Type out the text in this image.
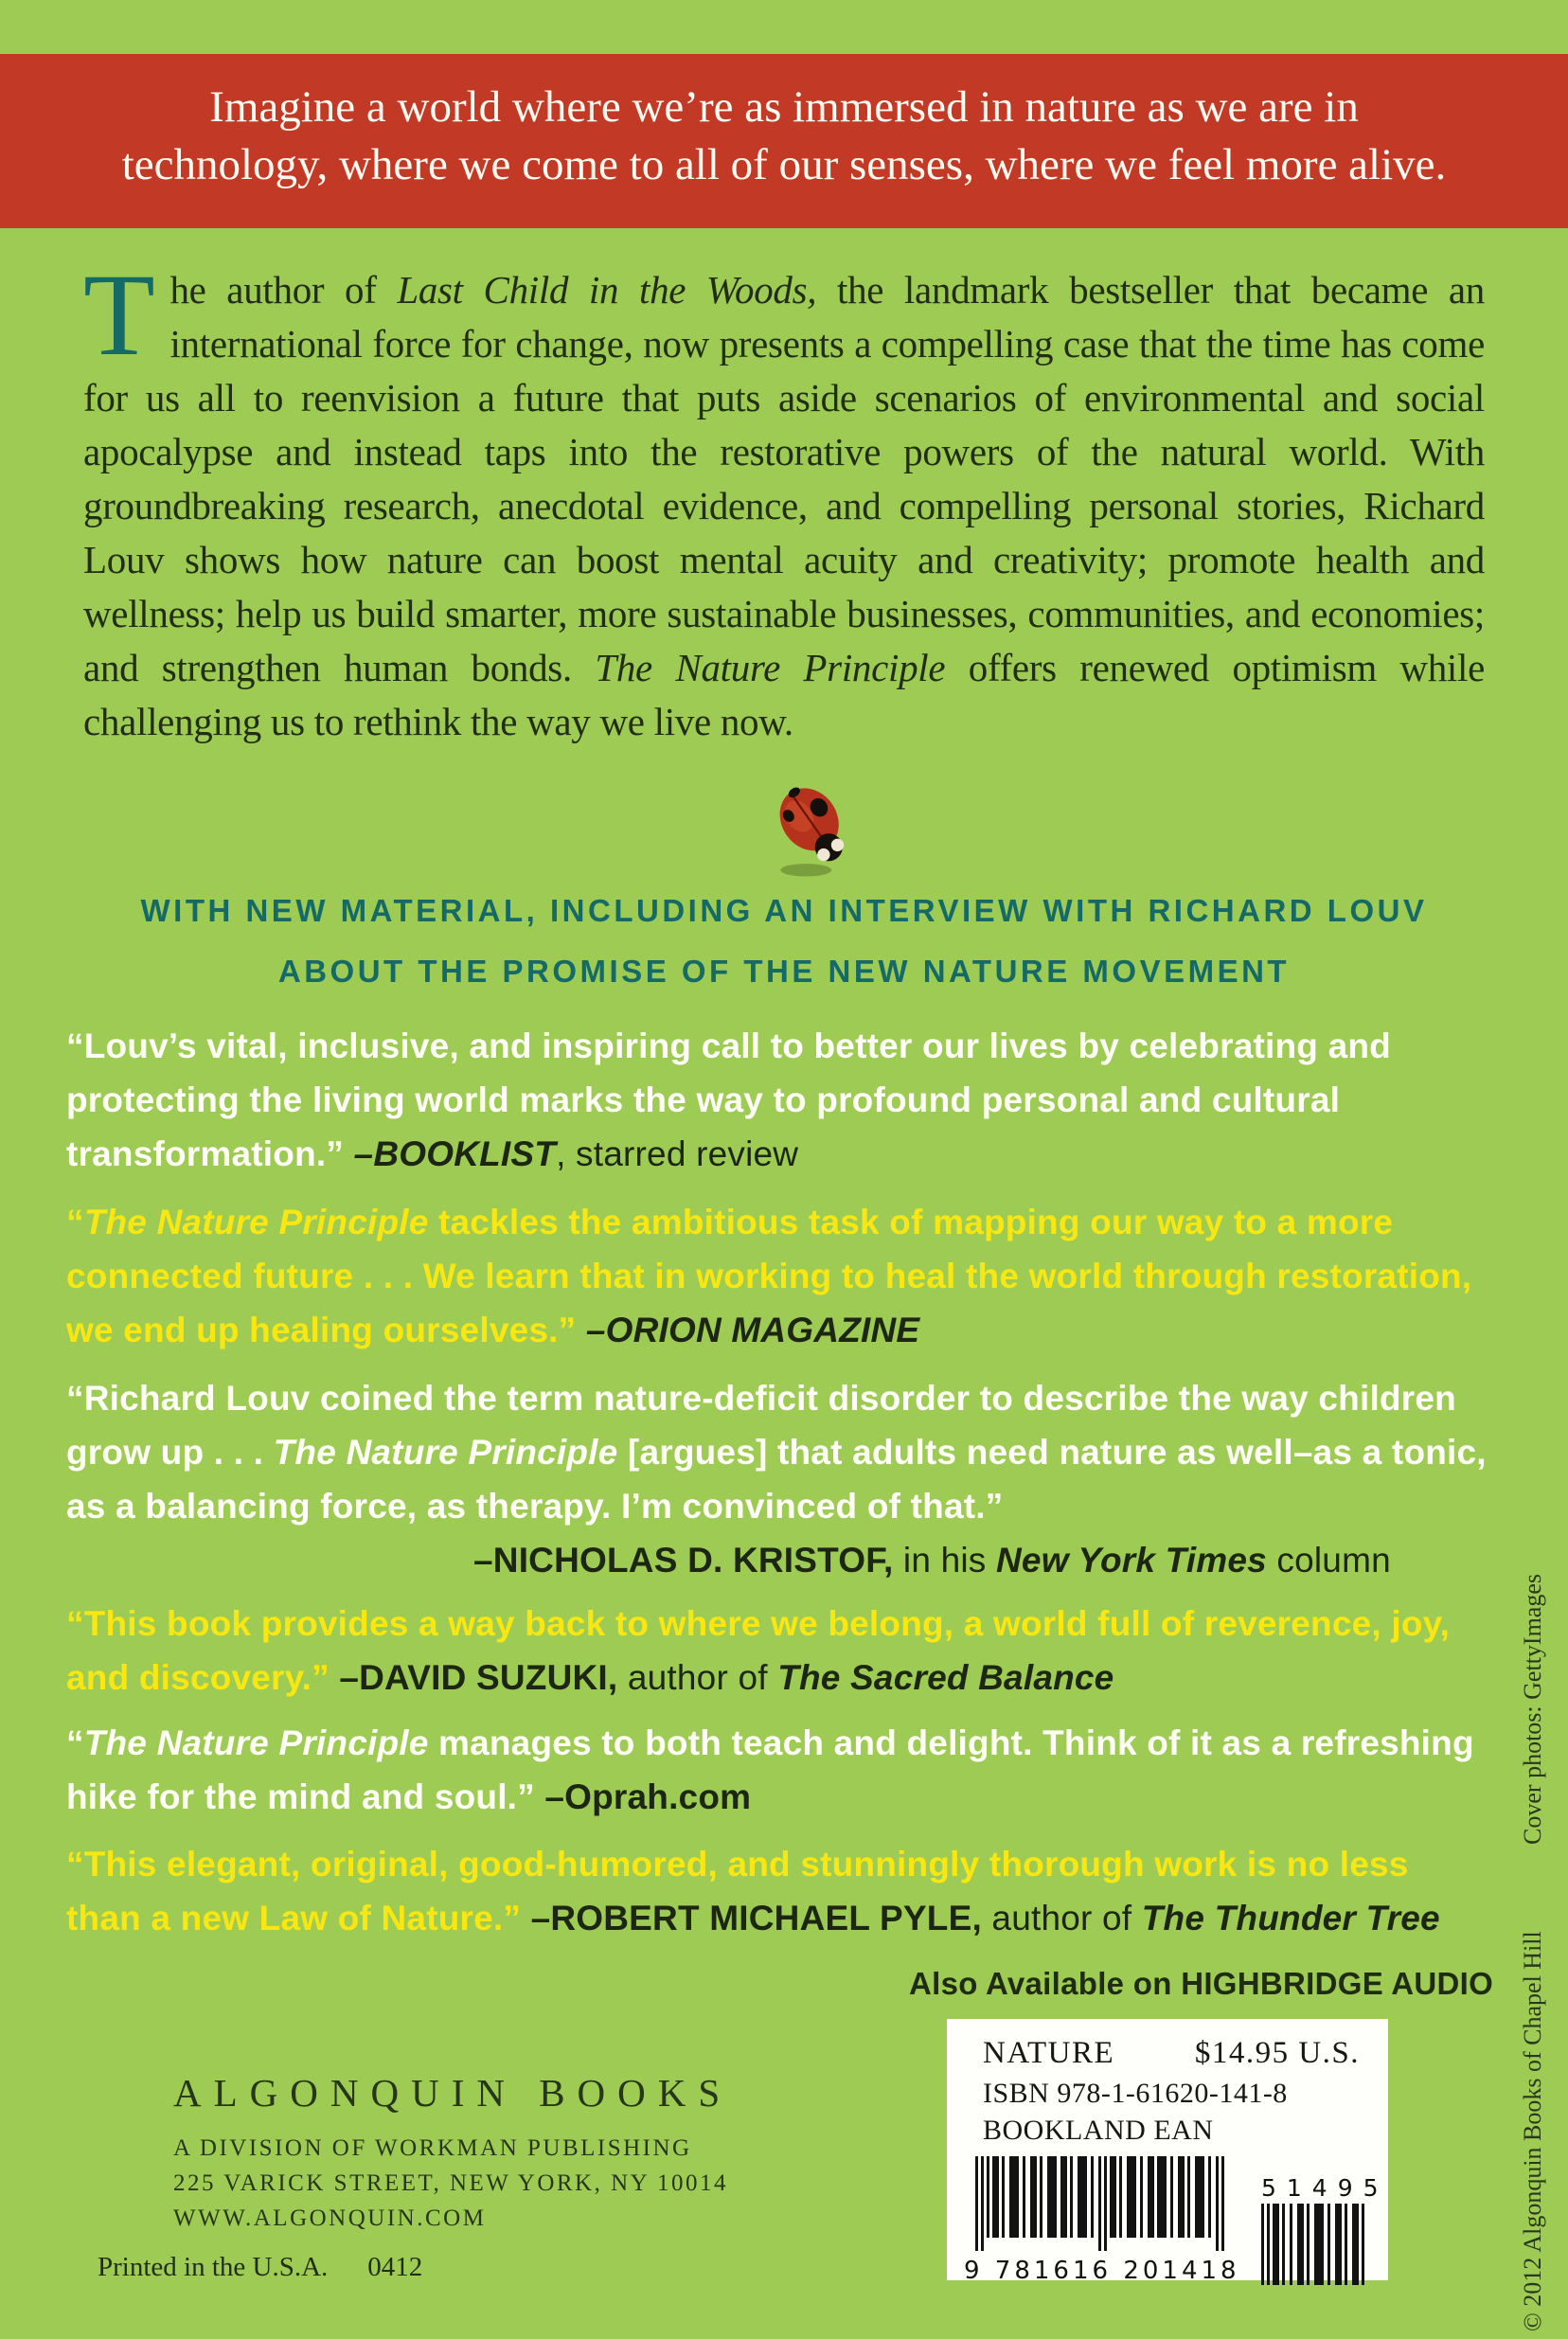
Imagine a world where we’re as immersed in nature as we are in
technology, where we come to all of our senses, where we feel more alive.
The author of Last Child in the Woods, the landmark bestseller that became an international force for change, now presents a compelling case that the time has come for us all to reenvision a future that puts aside scenarios of environmental and social apocalypse and instead taps into the restorative powers of the natural world. With groundbreaking research, anecdotal evidence, and compelling personal stories, Richard Louv shows how nature can boost mental acuity and creativity; promote health and wellness; help us build smarter, more sustainable businesses, communities, and economies; and strengthen human bonds. The Nature Principle offers renewed optimism while challenging us to rethink the way we live now.
WITH NEW MATERIAL, INCLUDING AN INTERVIEW WITH RICHARD LOUV
ABOUT THE PROMISE OF THE NEW NATURE MOVEMENT
“Louv’s vital, inclusive, and inspiring call to better our lives by celebrating and protecting the living world marks the way to profound personal and cultural transformation.” –BOOKLIST, starred review
“The Nature Principle tackles the ambitious task of mapping our way to a more connected future . . . We learn that in working to heal the world through restoration, we end up healing ourselves.” –ORION MAGAZINE
“Richard Louv coined the term nature-deficit disorder to describe the way children grow up . . . The Nature Principle [argues] that adults need nature as well–as a tonic, as a balancing force, as therapy. I’m convinced of that.”
–NICHOLAS D. KRISTOF, in his New York Times column
“This book provides a way back to where we belong, a world full of reverence, joy, and discovery.” –DAVID SUZUKI, author of The Sacred Balance
“The Nature Principle manages to both teach and delight. Think of it as a refreshing hike for the mind and soul.” –Oprah.com
“This elegant, original, good-humored, and stunningly thorough work is no less than a new Law of Nature.” –ROBERT MICHAEL PYLE, author of The Thunder Tree
Also Available on HIGHBRIDGE AUDIO
NATURE	$14.95 U.S.
ISBN 978-1-61620-141-8
BOOKLAND EAN
9 781616 201418
51495
ALGONQUIN BOOKS
A DIVISION OF WORKMAN PUBLISHING
225 VARICK STREET, NEW YORK, NY 10014
WWW.ALGONQUIN.COM
Printed in the U.S.A. 0412	© 2012 Algonquin Books of Chapel Hill
Cover photos: GettyImages
